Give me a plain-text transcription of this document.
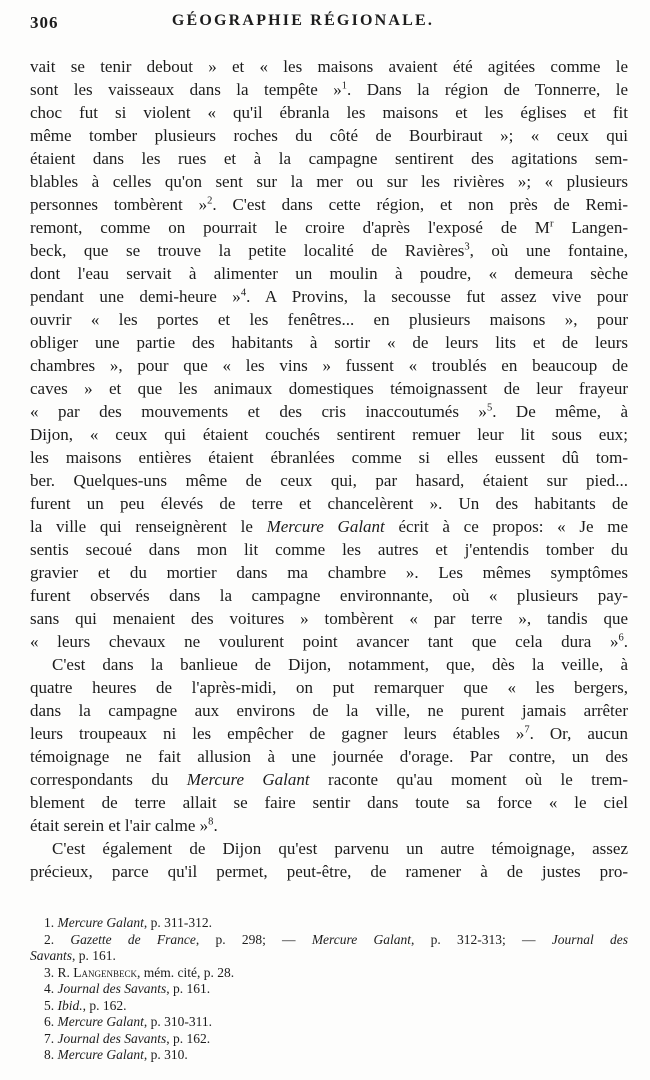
306	GÉOGRAPHIE RÉGIONALE.
vait se tenir debout » et « les maisons avaient été agitées comme le
sont les vaisseaux dans la tempête »$^1$. Dans la région de Tonnerre, le
choc fut si violent « qu'il ébranla les maisons et les églises et fit
même tomber plusieurs roches du côté de Bourbiraut »; « ceux qui
étaient dans les rues et à la campagne sentirent des agitations sem-
blables à celles qu'on sent sur la mer ou sur les rivières »; « plusieurs
personnes tombèrent »$^2$. C'est dans cette région, et non près de Remi-
remont, comme on pourrait le croire d'après l'exposé de $M^r$ Langen-
beck, que se trouve la petite localité de Ravières$^3$, où une fontaine,
dont l'eau servait à alimenter un moulin à poudre, « demeura sèche
pendant une demi-heure »$^4$. A Provins, la secousse fut assez vive pour
ouvrir « les portes et les fenêtres... en plusieurs maisons », pour
obliger une partie des habitants à sortir « de leurs lits et de leurs
chambres », pour que « les vins » fussent « troublés en beaucoup de
caves » et que les animaux domestiques témoignassent de leur frayeur
« par des mouvements et des cris inaccoutumés »$^5$. De même, à
Dijon, « ceux qui étaient couchés sentirent remuer leur lit sous eux;
les maisons entières étaient ébranlées comme si elles eussent dû tom-
ber. Quelques-uns même de ceux qui, par hasard, étaient sur pied...
furent un peu élevés de terre et chancelèrent ». Un des habitants de
la ville qui renseignèrent le Mercure Galant écrit à ce propos: « Je me
sentis secoué dans mon lit comme les autres et j'entendis tomber du
gravier et du mortier dans ma chambre ». Les mêmes symptômes
furent observés dans la campagne environnante, où « plusieurs pay-
sans qui menaient des voitures » tombèrent « par terre », tandis que
« leurs chevaux ne voulurent point avancer tant que cela dura »$^6$.
C'est dans la banlieue de Dijon, notamment, que, dès la veille, à
quatre heures de l'après-midi, on put remarquer que « les bergers,
dans la campagne aux environs de la ville, ne purent jamais arrêter
leurs troupeaux ni les empêcher de gagner leurs étables »$^7$. Or, aucun
témoignage ne fait allusion à une journée d'orage. Par contre, un des
correspondants du Mercure Galant raconte qu'au moment où le trem-
blement de terre allait se faire sentir dans toute sa force « le ciel
était serein et l'air calme »$^8$.
C'est également de Dijon qu'est parvenu un autre témoignage, assez
précieux, parce qu'il permet, peut-être, de ramener à de justes pro-
1. Mercure Galant, p. 311-312.
2. Gazette de France, p. 298; — Mercure Galant, p. 312-313; — Journal des
Savants, p. 161.
3. R. Langenbeck, mém. cité, p. 28.
4. Journal des Savants, p. 161.
5. Ibid., p. 162.
6. Mercure Galant, p. 310-311.
7. Journal des Savants, p. 162.
8. Mercure Galant, p. 310.
